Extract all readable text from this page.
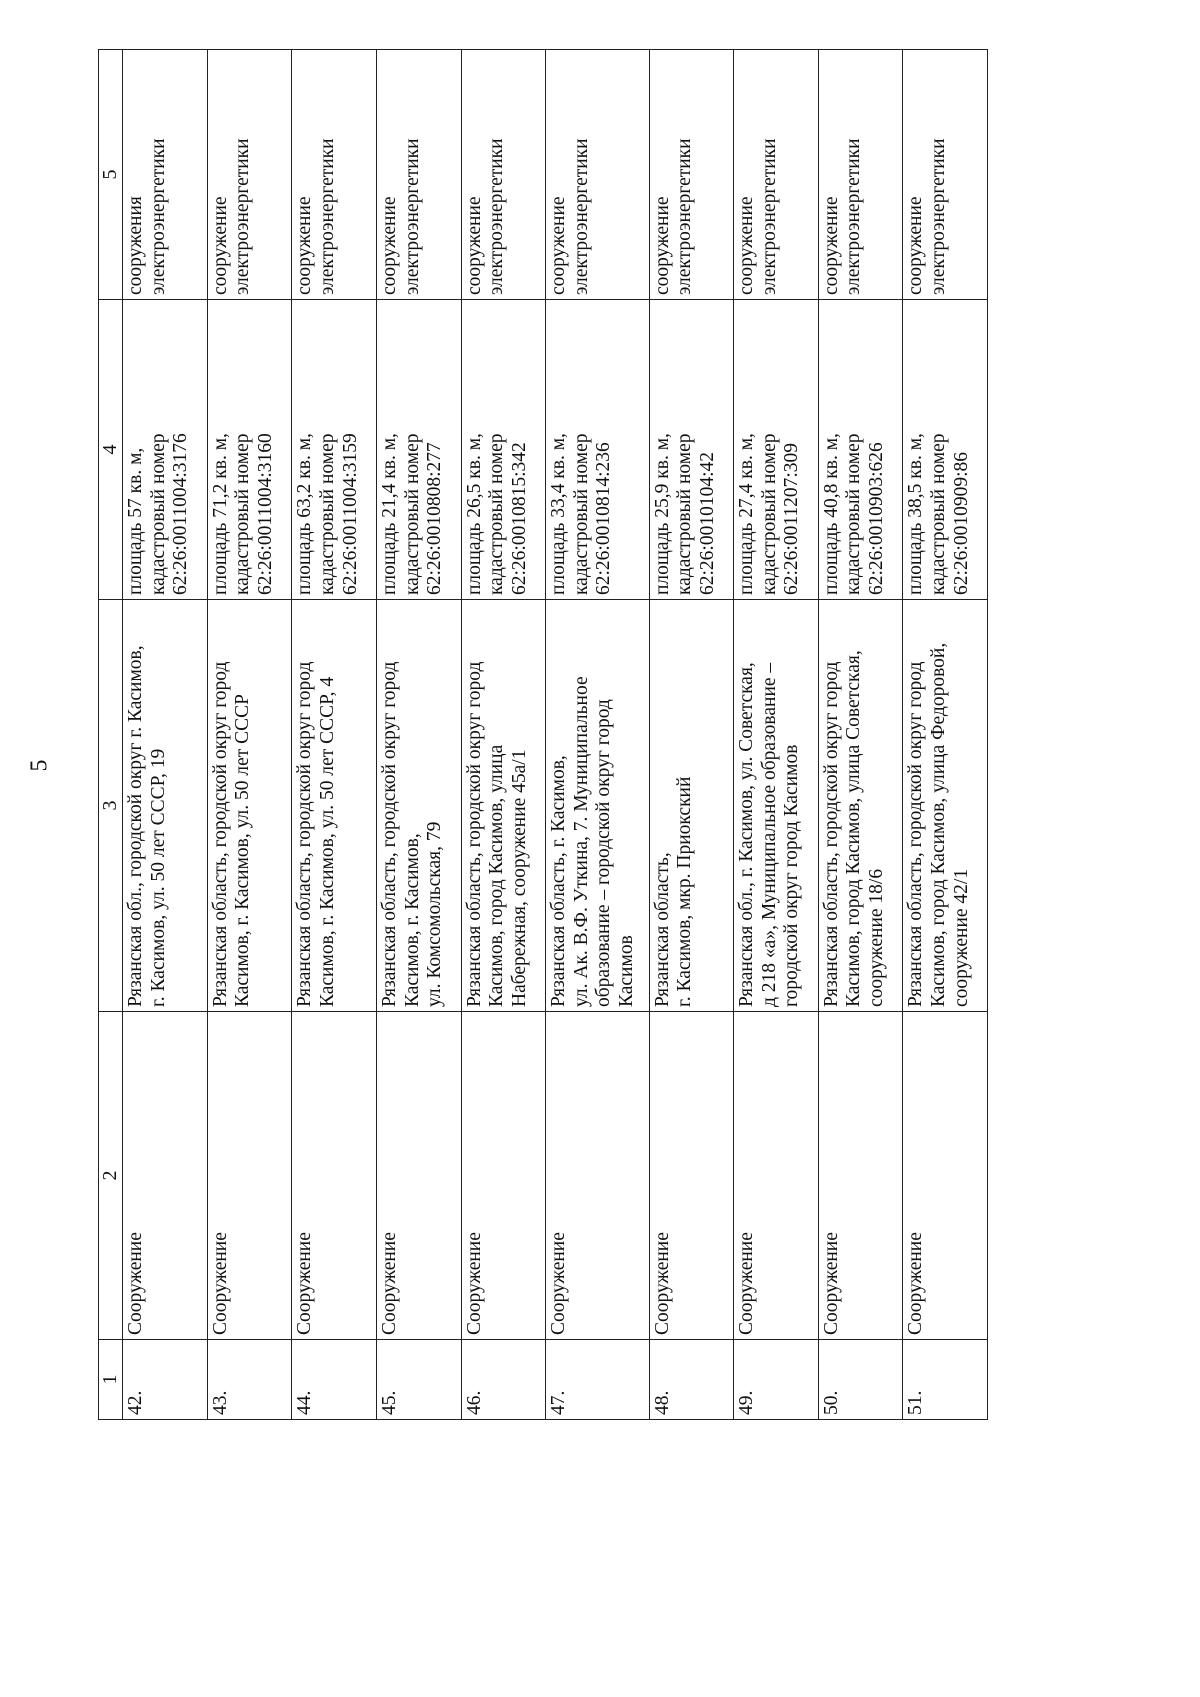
5
1	2	3	4	5
42.	Сооружение	Рязанская обл., городской округ г. Касимов,
г. Касимов, ул. 50 лет СССР, 19	площадь 57 кв. м,
кадастровый номер
62:26:0011004:3176	сооружения
электроэнергетики
43.	Сооружение	Рязанская область, городской округ город
Касимов, г. Касимов, ул. 50 лет СССР	площадь 71,2 кв. м,
кадастровый номер
62:26:0011004:3160	сооружение
электроэнергетики
44.	Сооружение	Рязанская область, городской округ город
Касимов, г. Касимов, ул. 50 лет СССР, 4	площадь 63,2 кв. м,
кадастровый номер
62:26:0011004:3159	сооружение
электроэнергетики
45.	Сооружение	Рязанская область, городской округ город
Касимов, г. Касимов,
ул. Комсомольская, 79	площадь 21,4 кв. м,
кадастровый номер
62:26:0010808:277	сооружение
электроэнергетики
46.	Сооружение	Рязанская область, городской округ город
Касимов, город Касимов, улица
Набережная, сооружение 45а/1	площадь 26,5 кв. м,
кадастровый номер
62:26:0010815:342	сооружение
электроэнергетики
47.	Сооружение	Рязанская область, г. Касимов,
ул. Ак. В.Ф. Уткина, 7. Муниципальное
образование – городской округ город
Касимов	площадь 33,4 кв. м,
кадастровый номер
62:26:0010814:236	сооружение
электроэнергетики
48.	Сооружение	Рязанская область,
г. Касимов, мкр. Приокский	площадь 25,9 кв. м,
кадастровый номер
62:26:0010104:42	сооружение
электроэнергетики
49.	Сооружение	Рязанская обл., г. Касимов, ул. Советская,
д 218 «а», Муниципальное образование –
городской округ город Касимов	площадь 27,4 кв. м,
кадастровый номер
62:26:0011207:309	сооружение
электроэнергетики
50.	Сооружение	Рязанская область, городской округ город
Касимов, город Касимов, улица Советская,
сооружение 18/6	площадь 40,8 кв. м,
кадастровый номер
62:26:0010903:626	сооружение
электроэнергетики
51.	Сооружение	Рязанская область, городской округ город
Касимов, город Касимов, улица Федоровой,
сооружение 42/1	площадь 38,5 кв. м,
кадастровый номер
62:26:0010909:86	сооружение
электроэнергетики
